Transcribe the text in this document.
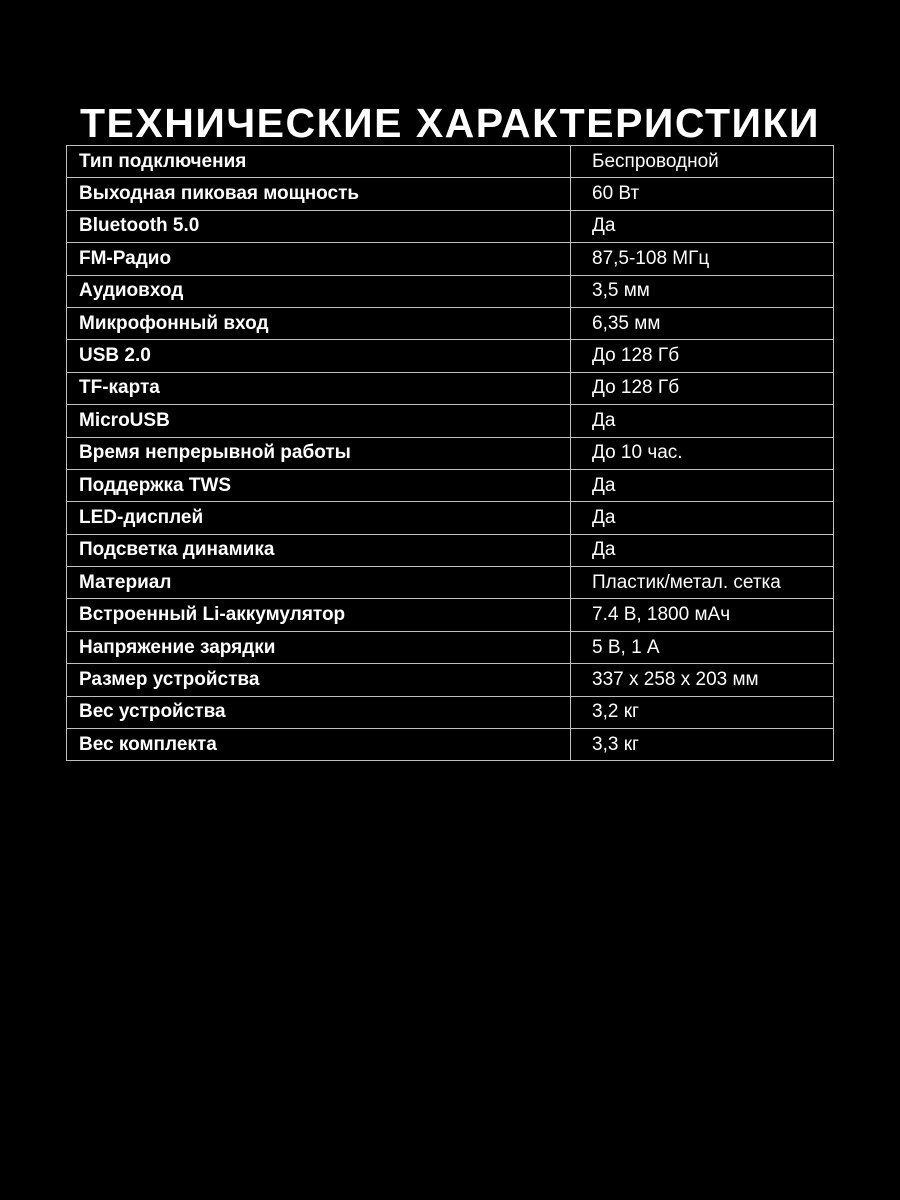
ТЕХНИЧЕСКИЕ ХАРАКТЕРИСТИКИ
Тип подключения	Беспроводной
Выходная пиковая мощность	60 Вт
Bluetooth 5.0	Да
FM-Радио	87,5-108 МГц
Аудиовход	3,5 мм
Микрофонный вход	6,35 мм
USB 2.0	До 128 Гб
TF-карта	До 128 Гб
MicroUSB	Да
Время непрерывной работы	До 10 час.
Поддержка TWS	Да
LED-дисплей	Да
Подсветка динамика	Да
Материал	Пластик/метал. сетка
Встроенный Li-аккумулятор	7.4 В, 1800 мАч
Напряжение зарядки	5 В, 1 А
Размер устройства	337 x 258 x 203 мм
Вес устройства	3,2 кг
Вес комплекта	3,3 кг
